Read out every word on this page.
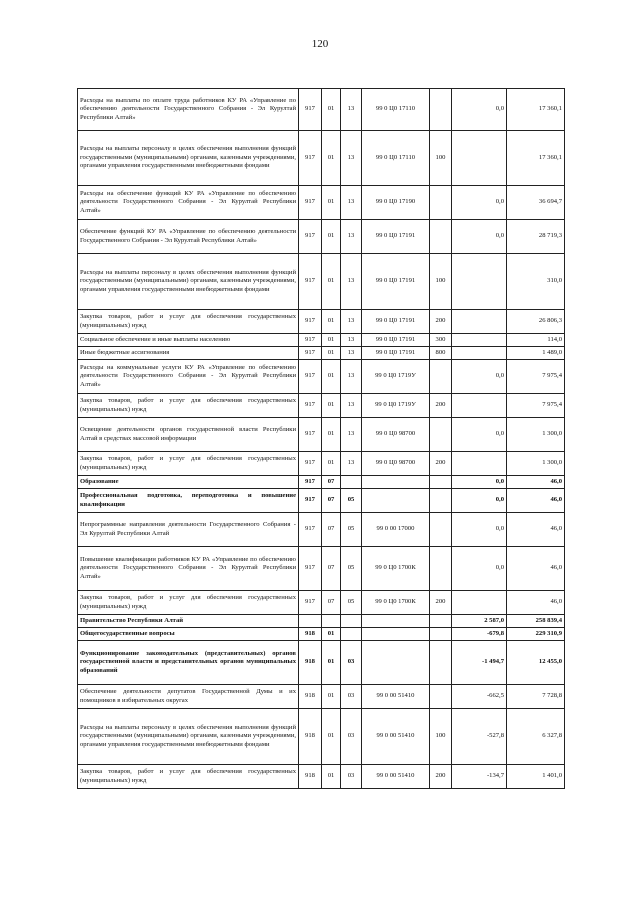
120
Расходы на выплаты по оплате труда работников КУ РА «Управление по обеспечению деятельности Государственного Собрания - Эл Курултай Республики Алтай»	917	01	13	99 0 Ц0 17110		0,0	17 360,1
Расходы на выплаты персоналу в целях обеспечения выполнения функций государственными (муниципальными) органами, казенными учреждениями, органами управления государственными внебюджетными фондами	917	01	13	99 0 Ц0 17110	100		17 360,1
Расходы на обеспечение функций КУ РА «Управление по обеспечению деятельности Государственного Собрания - Эл Курултай Республики Алтай»	917	01	13	99 0 Ц0 17190		0,0	36 694,7
Обеспечение функций КУ РА «Управление по обеспечению деятельности Государственного Собрания - Эл Курултай Республики Алтай»	917	01	13	99 0 Ц0 17191		0,0	28 719,3
Расходы на выплаты персоналу в целях обеспечения выполнения функций государственными (муниципальными) органами, казенными учреждениями, органами управления государственными внебюджетными фондами	917	01	13	99 0 Ц0 17191	100		310,0
Закупка товаров, работ и услуг для обеспечения государственных (муниципальных) нужд	917	01	13	99 0 Ц0 17191	200		26 806,3
Социальное обеспечение и иные выплаты населению	917	01	13	99 0 Ц0 17191	300		114,0
Иные бюджетные ассигнования	917	01	13	99 0 Ц0 17191	800		1 489,0
Расходы на коммунальные услуги КУ РА «Управление по обеспечению деятельности Государственного Собрания - Эл Курултай Республики Алтай»	917	01	13	99 0 Ц0 1719У		0,0	7 975,4
Закупка товаров, работ и услуг для обеспечения государственных (муниципальных) нужд	917	01	13	99 0 Ц0 1719У	200		7 975,4
Освещение деятельности органов государственной власти Республики Алтай в средствах массовой информации	917	01	13	99 0 Ц0 98700		0,0	1 300,0
Закупка товаров, работ и услуг для обеспечения государственных (муниципальных) нужд	917	01	13	99 0 Ц0 98700	200		1 300,0
Образование	917	07				0,0	46,0
Профессиональная подготовка, переподготовка и повышение квалификации	917	07	05			0,0	46,0
Непрограммные направления деятельности Государственного Собрания - Эл Курултай Республики Алтай	917	07	05	99 0 00 17000		0,0	46,0
Повышение квалификации работников КУ РА «Управление по обеспечению деятельности Государственного Собрания - Эл Курултай Республики Алтай»	917	07	05	99 0 Ц0 1700К		0,0	46,0
Закупка товаров, работ и услуг для обеспечения государственных (муниципальных) нужд	917	07	05	99 0 Ц0 1700К	200		46,0
Правительство Республики Алтай						2 587,0	258 839,4
Общегосударственные вопросы	918	01				-679,8	229 310,9
Функционирование законодательных (представительных) органов государственной власти и представительных органов муниципальных образований	918	01	03			-1 494,7	12 455,0
Обеспечение деятельности депутатов Государственной Думы и их помощников в избирательных округах	918	01	03	99 0 00 51410		-662,5	7 728,8
Расходы на выплаты персоналу в целях обеспечения выполнения функций государственными (муниципальными) органами, казенными учреждениями, органами управления государственными внебюджетными фондами	918	01	03	99 0 00 51410	100	-527,8	6 327,8
Закупка товаров, работ и услуг для обеспечения государственных (муниципальных) нужд	918	01	03	99 0 00 51410	200	-134,7	1 401,0
